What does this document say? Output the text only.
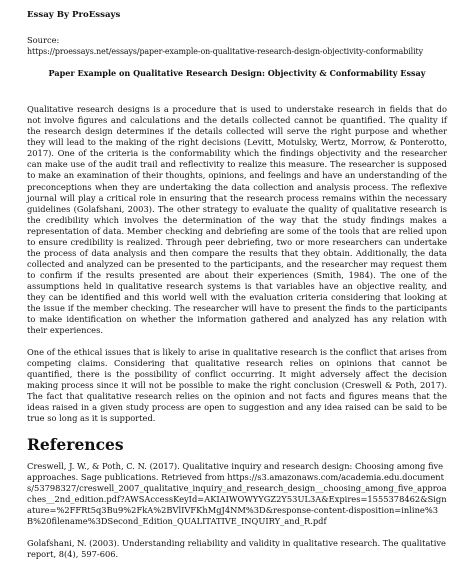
Essay By ProEssays
Source:
https://proessays.net/essays/paper-example-on-qualitative-research-design-objectivity-conformability
Paper Example on Qualitative Research Design: Objectivity & Conformability Essay

Qualitative research designs is a procedure that is used to understake research in fields that do not involve figures and calculations and the details collected cannot be quantified. The quality if the research design determines if the details collected will serve the right purpose and whether they will lead to the making of the right decisions (Levitt, Motulsky, Wertz, Morrow, & Ponterotto, 2017). One of the criteria is the conformability which the findings objectivity and the researcher can make use of the audit trail and reflectivity to realize this measure. The researcher is supposed to make an examination of their thoughts, opinions, and feelings and have an understanding of the preconceptions when they are undertaking the data collection and analysis process. The reflexive journal will play a critical role in ensuring that the research process remains within the necessary guidelines (Golafshani, 2003). The other strategy to evaluate the quality of qualitative research is the credibility which involves the determination of the way that the study findings makes a representation of data. Member checking and debriefing are some of the tools that are relied upon to ensure credibility is realized. Through peer debriefing, two or more researchers can undertake the process of data analysis and then compare the results that they obtain. Additionally, the data collected and analyzed can be presented to the participants, and the researcher may request them to confirm if the results presented are about their experiences (Smith, 1984). The one of the assumptions held in qualitative research systems is that variables have an objective reality, and they can be identified and this world well with the evaluation criteria considering that looking at the issue if the member checking. The researcher will have to present the finds to the participants to make identification on whether the information gathered and analyzed has any relation with their experiences.

One of the ethical issues that is likely to arise in qualitative research is the conflict that arises from competing claims. Considering that qualitative research relies on opinions that cannot be quantified, there is the possibility of conflict occurring. It might adversely affect the decision making process since it will not be possible to make the right conclusion (Creswell & Poth, 2017). The fact that qualitative research relies on the opinion and not facts and figures means that the ideas raised in a given study process are open to suggestion and any idea raised can be said to be true so long as it is supported.

References
Creswell, J. W., & Poth, C. N. (2017). Qualitative inquiry and research design: Choosing among five approaches. Sage publications. Retrieved from https://s3.amazonaws.com/academia.edu.documents/53798327/creswell_2007_qualitative_inquiry_and_research_design__choosing_among_five_approaches__2nd_edition.pdf?AWSAccessKeyId=AKIAIWOWYYGZ2Y53UL3A&Expires=1555378462&Signature=%2FFRt5q3Bu9%2FkA%2BVlIVFKhMgJ4NM%3D&response-content-disposition=inline%3B%20filename%3DSecond_Edition_QUALITATIVE_INQUIRY_and_R.pdf
Golafshani, N. (2003). Understanding reliability and validity in qualitative research. The qualitative report, 8(4), 597-606.
